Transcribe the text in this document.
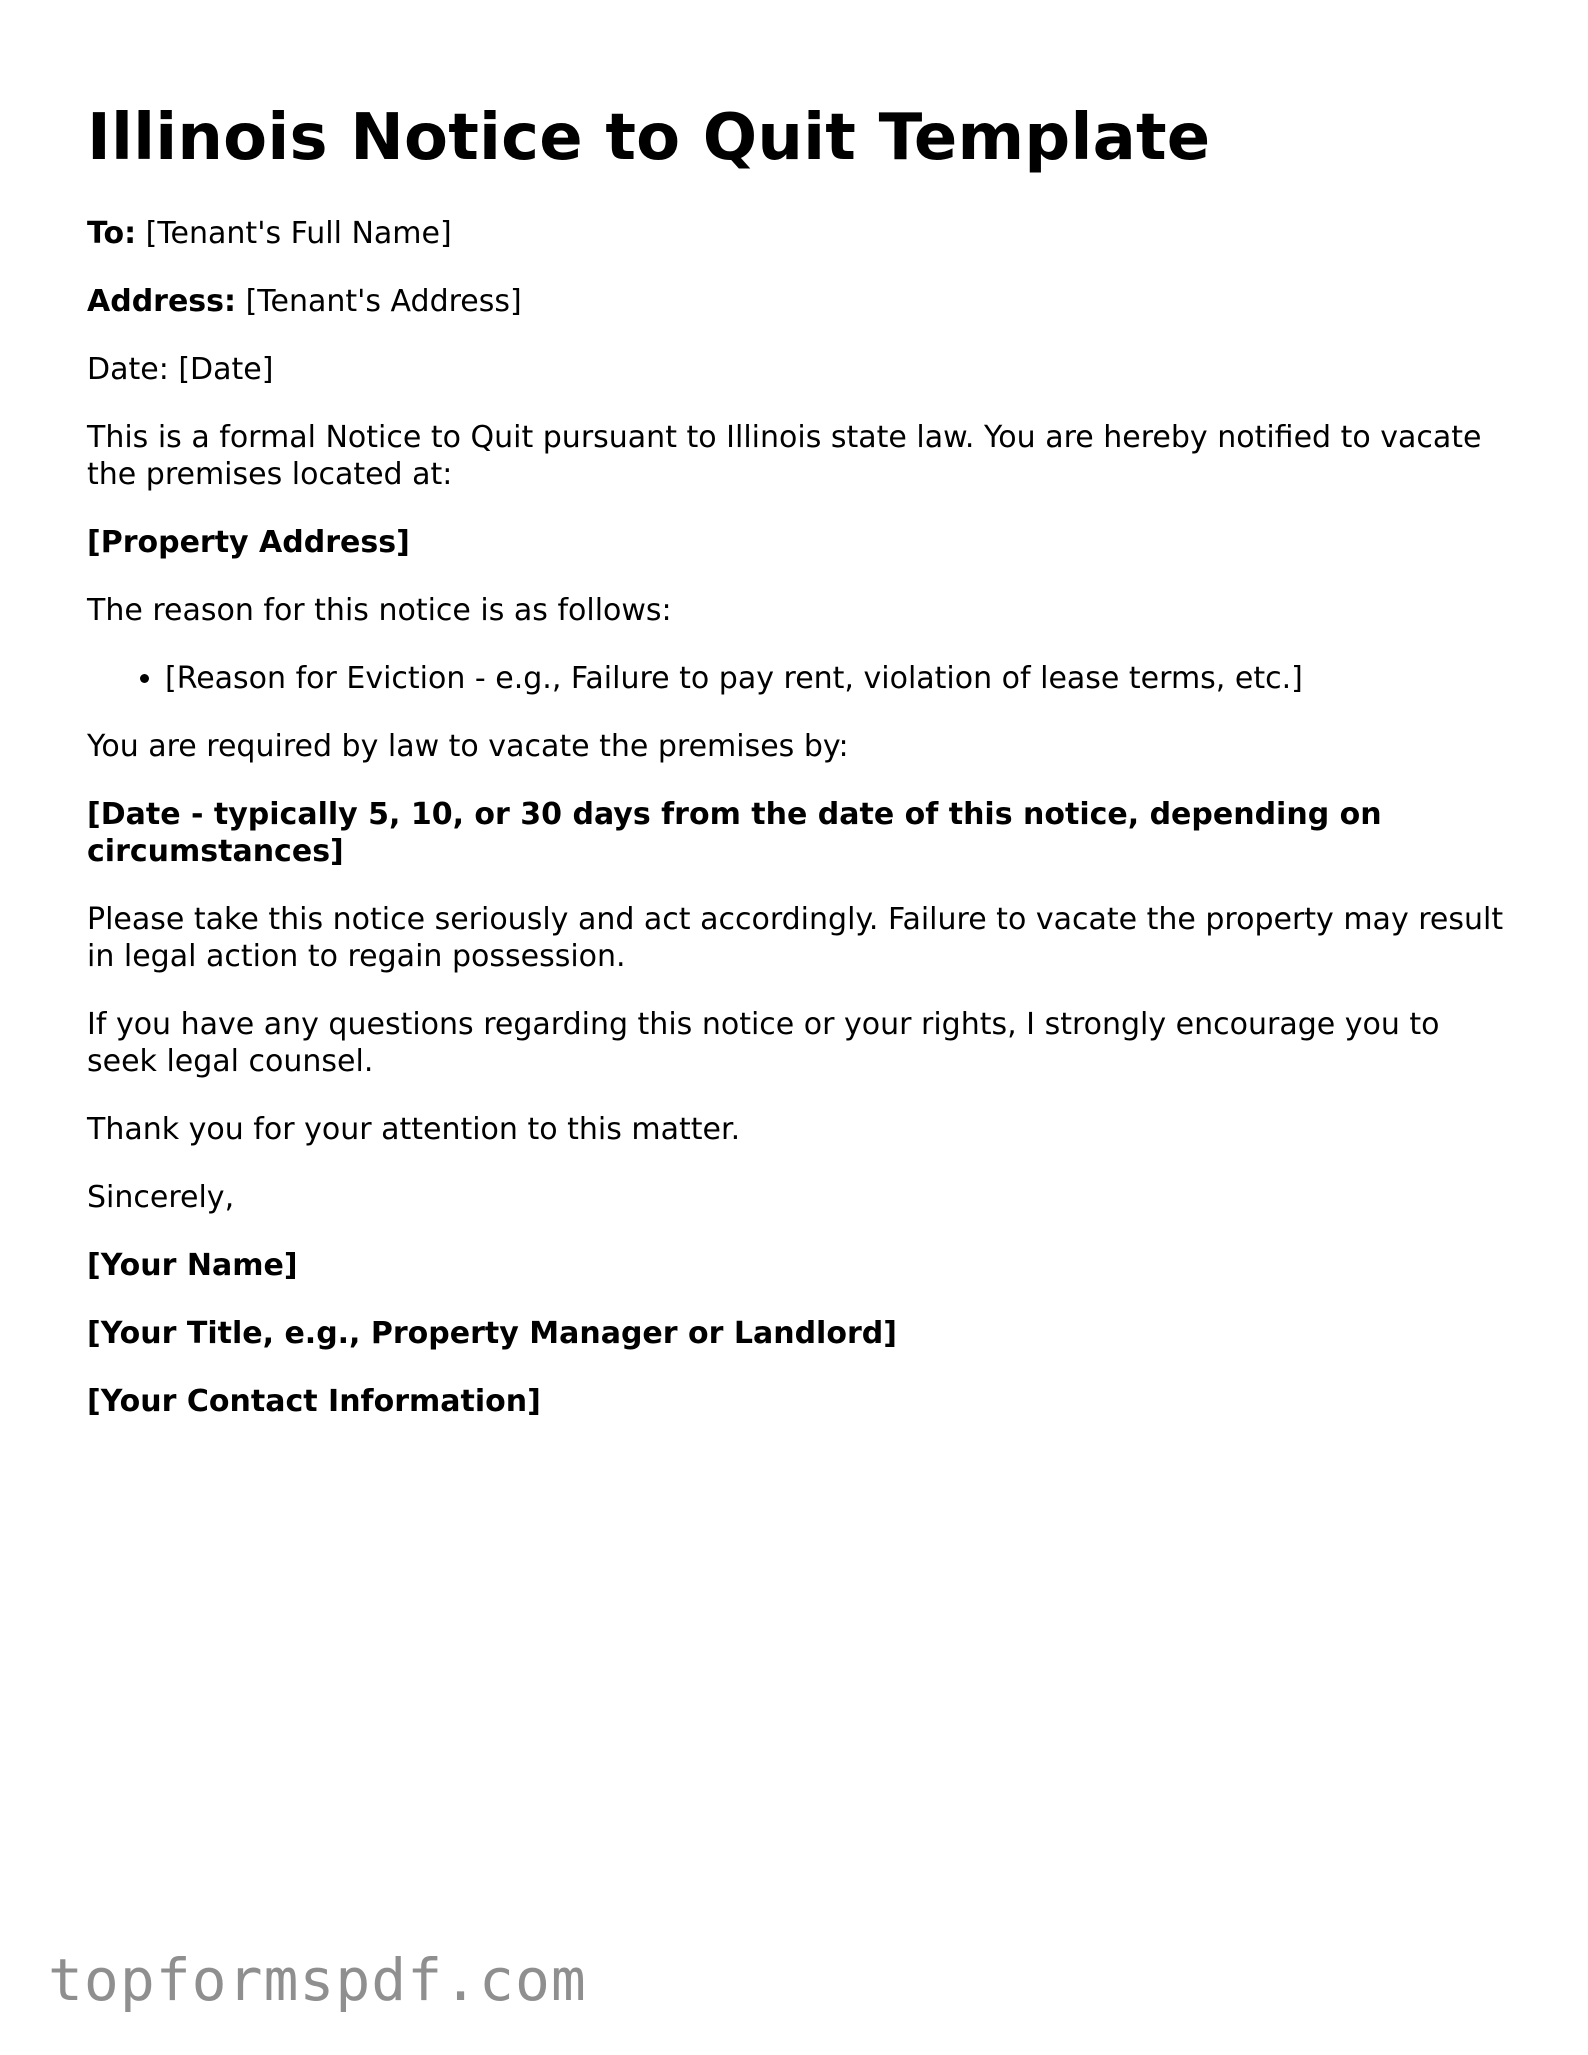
Illinois Notice to Quit Template

To: [Tenant's Full Name]

Address: [Tenant's Address]

Date: [Date]

This is a formal Notice to Quit pursuant to Illinois state law. You are hereby notified to vacate the premises located at:

[Property Address]

The reason for this notice is as follows:

• [Reason for Eviction - e.g., Failure to pay rent, violation of lease terms, etc.]

You are required by law to vacate the premises by:

[Date - typically 5, 10, or 30 days from the date of this notice, depending on circumstances]

Please take this notice seriously and act accordingly. Failure to vacate the property may result in legal action to regain possession.

If you have any questions regarding this notice or your rights, I strongly encourage you to seek legal counsel.

Thank you for your attention to this matter.

Sincerely,

[Your Name]

[Your Title, e.g., Property Manager or Landlord]

[Your Contact Information]

topformspdf.com
